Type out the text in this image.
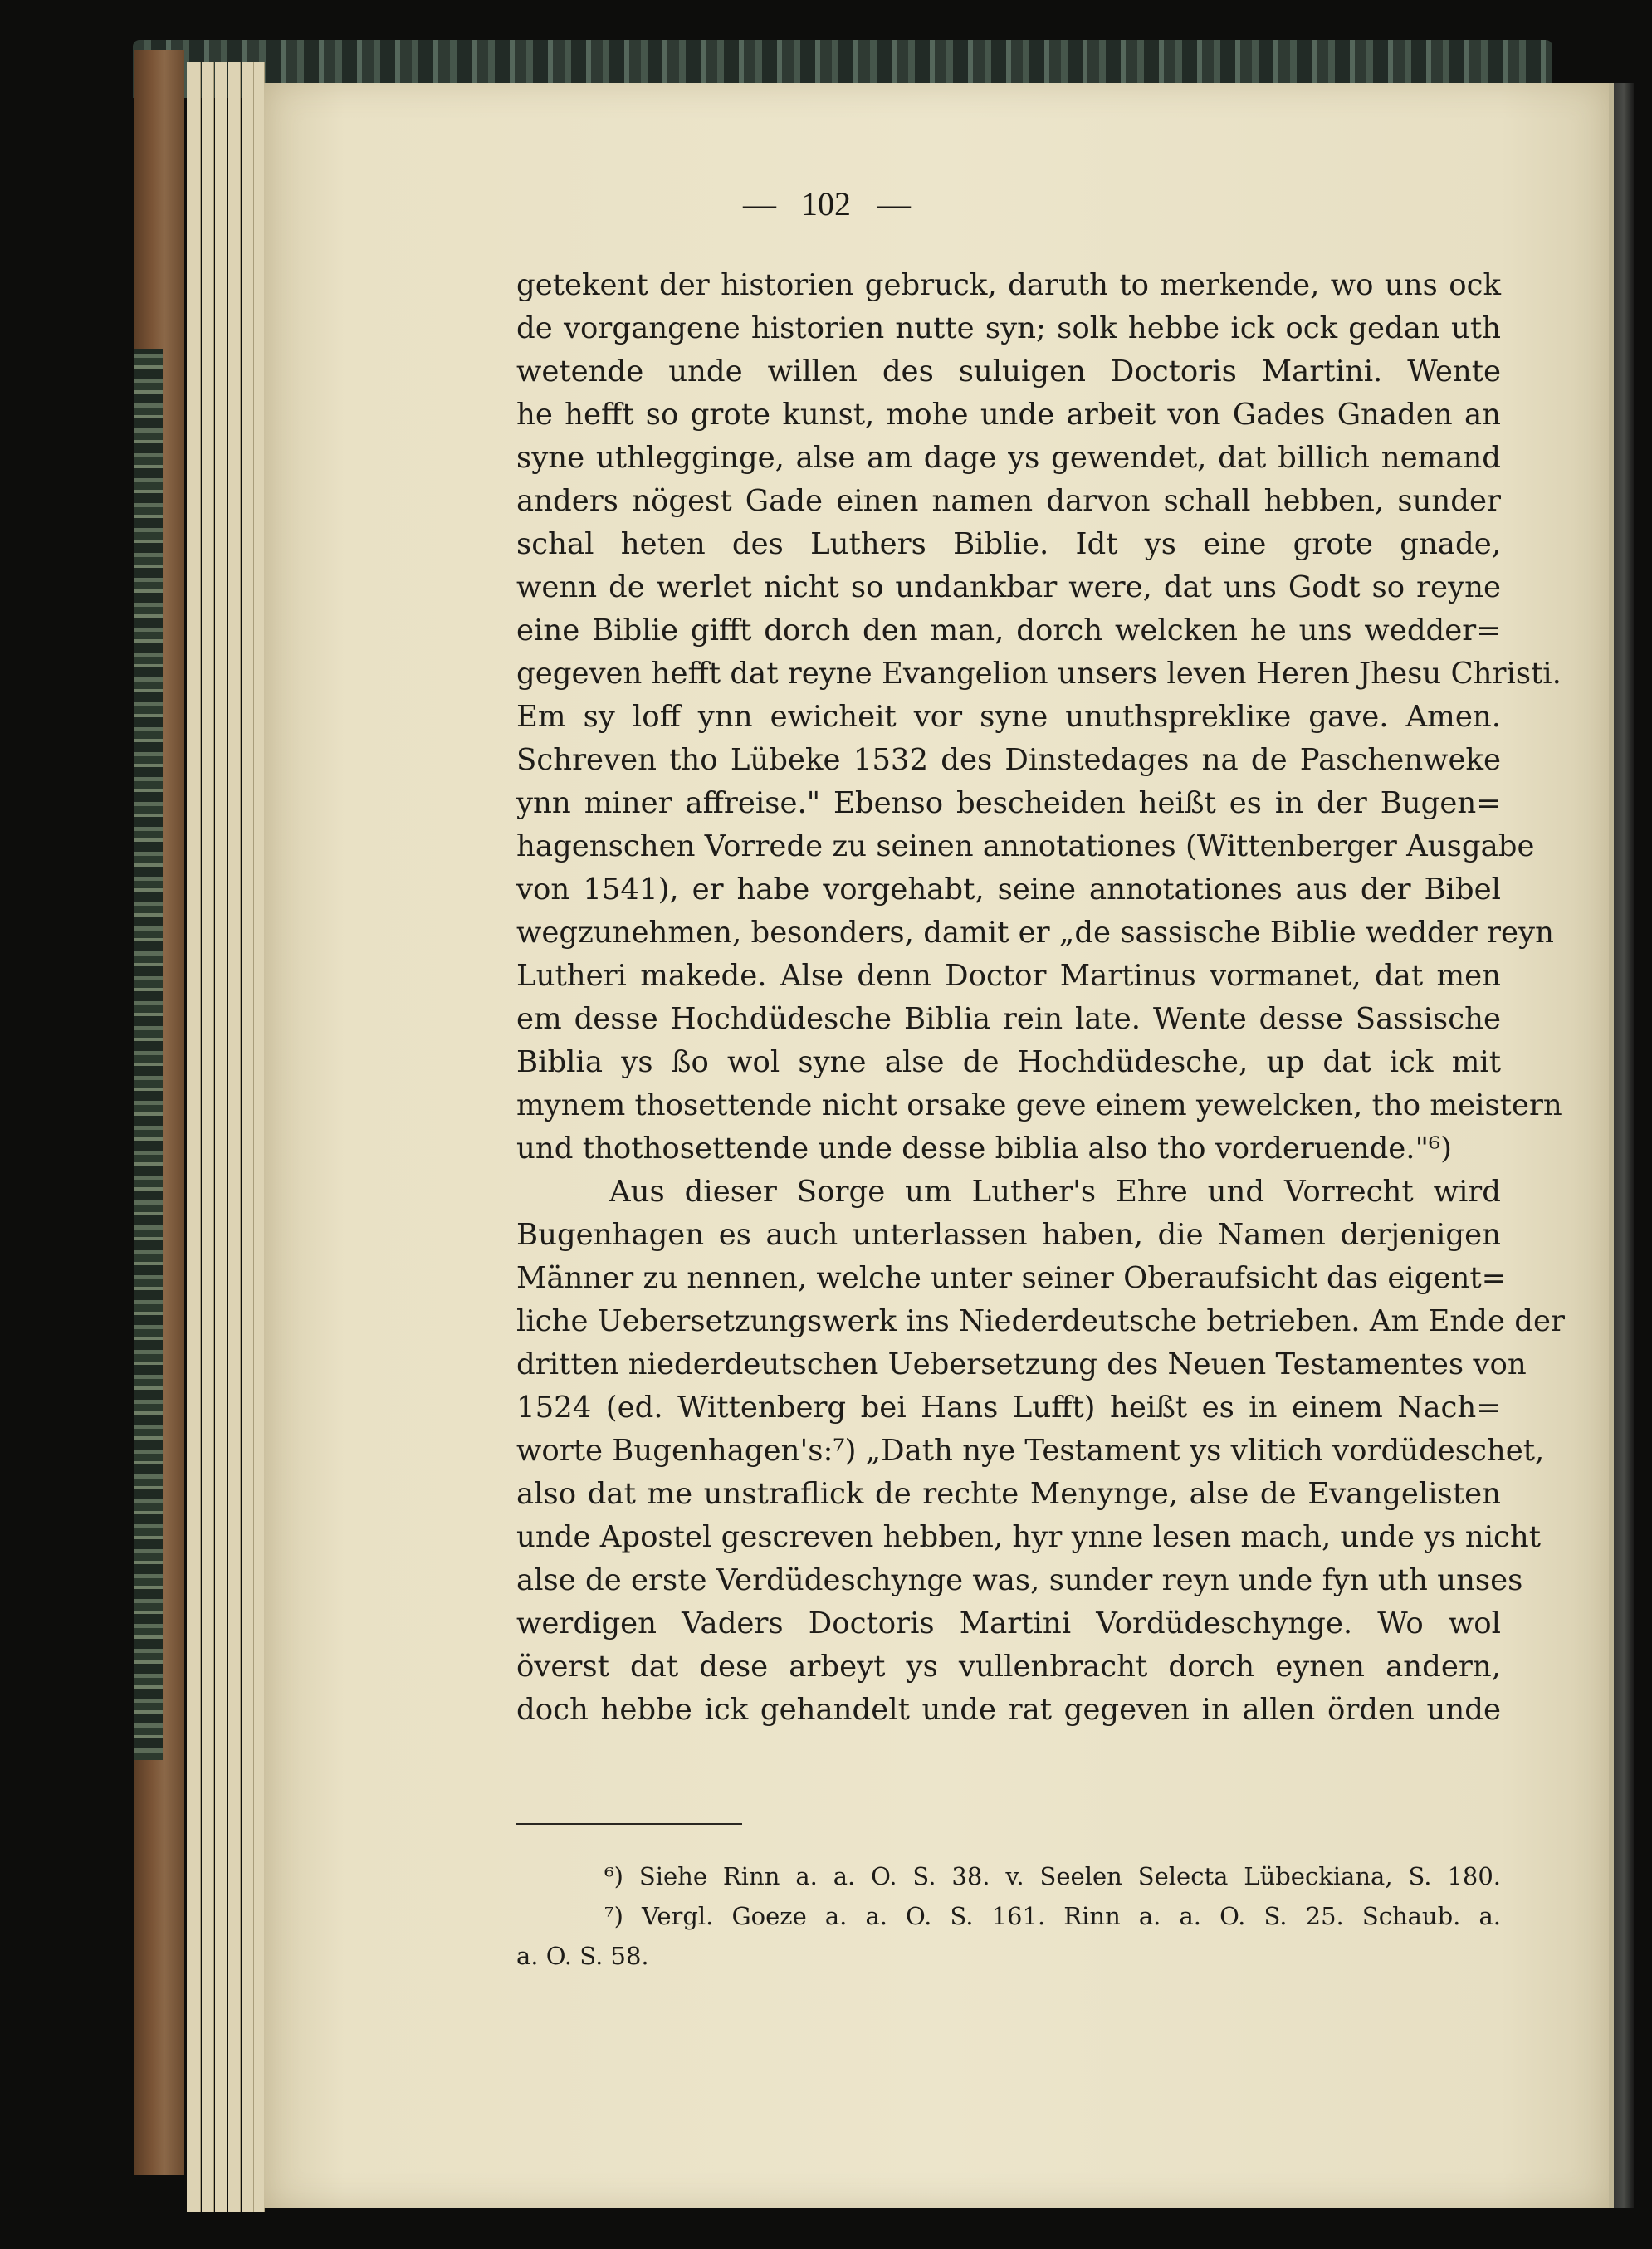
— 102 —
getekent der historien gebruck, daruth to merkende, wo uns ock
de vorgangene historien nutte syn; solk hebbe ick ock gedan uth
wetende unde willen des suluigen Doctoris Martini. Wente
he hefft so grote kunst, mohe unde arbeit von Gades Gnaden an
syne uthlegginge, alse am dage ys gewendet, dat billich nemand
anders nögest Gade einen namen darvon schall hebben, sunder
schal heten des Luthers Biblie. Idt ys eine grote gnade,
wenn de werlet nicht so undankbar were, dat uns Godt so reyne
eine Biblie gifft dorch den man, dorch welcken he uns wedder=
gegeven hefft dat reyne Evangelion unsers leven Heren Jhesu Christi.
Em sy loff ynn ewicheit vor syne unuthsprekliке gave. Amen.
Schreven tho Lübeke 1532 des Dinstedages na de Paschenweke
ynn miner affreise." Ebenso bescheiden heißt es in der Bugen=
hagenschen Vorrede zu seinen annotationes (Wittenberger Ausgabe
von 1541), er habe vorgehabt, seine annotationes aus der Bibel
wegzunehmen, besonders, damit er „de sassische Biblie wedder reyn
Lutheri makede. Alse denn Doctor Martinus vormanet, dat men
em desse Hochdüdesche Biblia rein late. Wente desse Sassische
Biblia ys ßo wol syne alse de Hochdüdesche, up dat ick mit
mynem thosettende nicht orsake geve einem yewelcken, tho meistern
und thothosettende unde desse biblia also tho vorderuende."⁶)
Aus dieser Sorge um Luther's Ehre und Vorrecht wird
Bugenhagen es auch unterlassen haben, die Namen derjenigen
Männer zu nennen, welche unter seiner Oberaufsicht das eigent=
liche Uebersetzungswerk ins Niederdeutsche betrieben. Am Ende der
dritten niederdeutschen Uebersetzung des Neuen Testamentes von
1524 (ed. Wittenberg bei Hans Lufft) heißt es in einem Nach=
worte Bugenhagen's:⁷) „Dath nye Testament ys vlitich vordüdeschet,
also dat me unstraflick de rechte Menynge, alse de Evangelisten
unde Apostel gescreven hebben, hyr ynne lesen mach, unde ys nicht
alse de erste Verdüdeschynge was, sunder reyn unde fyn uth unses
werdigen Vaders Doctoris Martini Vordüdeschynge. Wo wol
överst dat dese arbeyt ys vullenbracht dorch eynen andern,
doch hebbe ick gehandelt unde rat gegeven in allen örden unde
⁶) Siehe Rinn a. a. O. S. 38. v. Seelen Selecta Lübeckiana, S. 180.
⁷) Vergl. Goeze a. a. O. S. 161. Rinn a. a. O. S. 25. Schaub. a.
a. O. S. 58.
